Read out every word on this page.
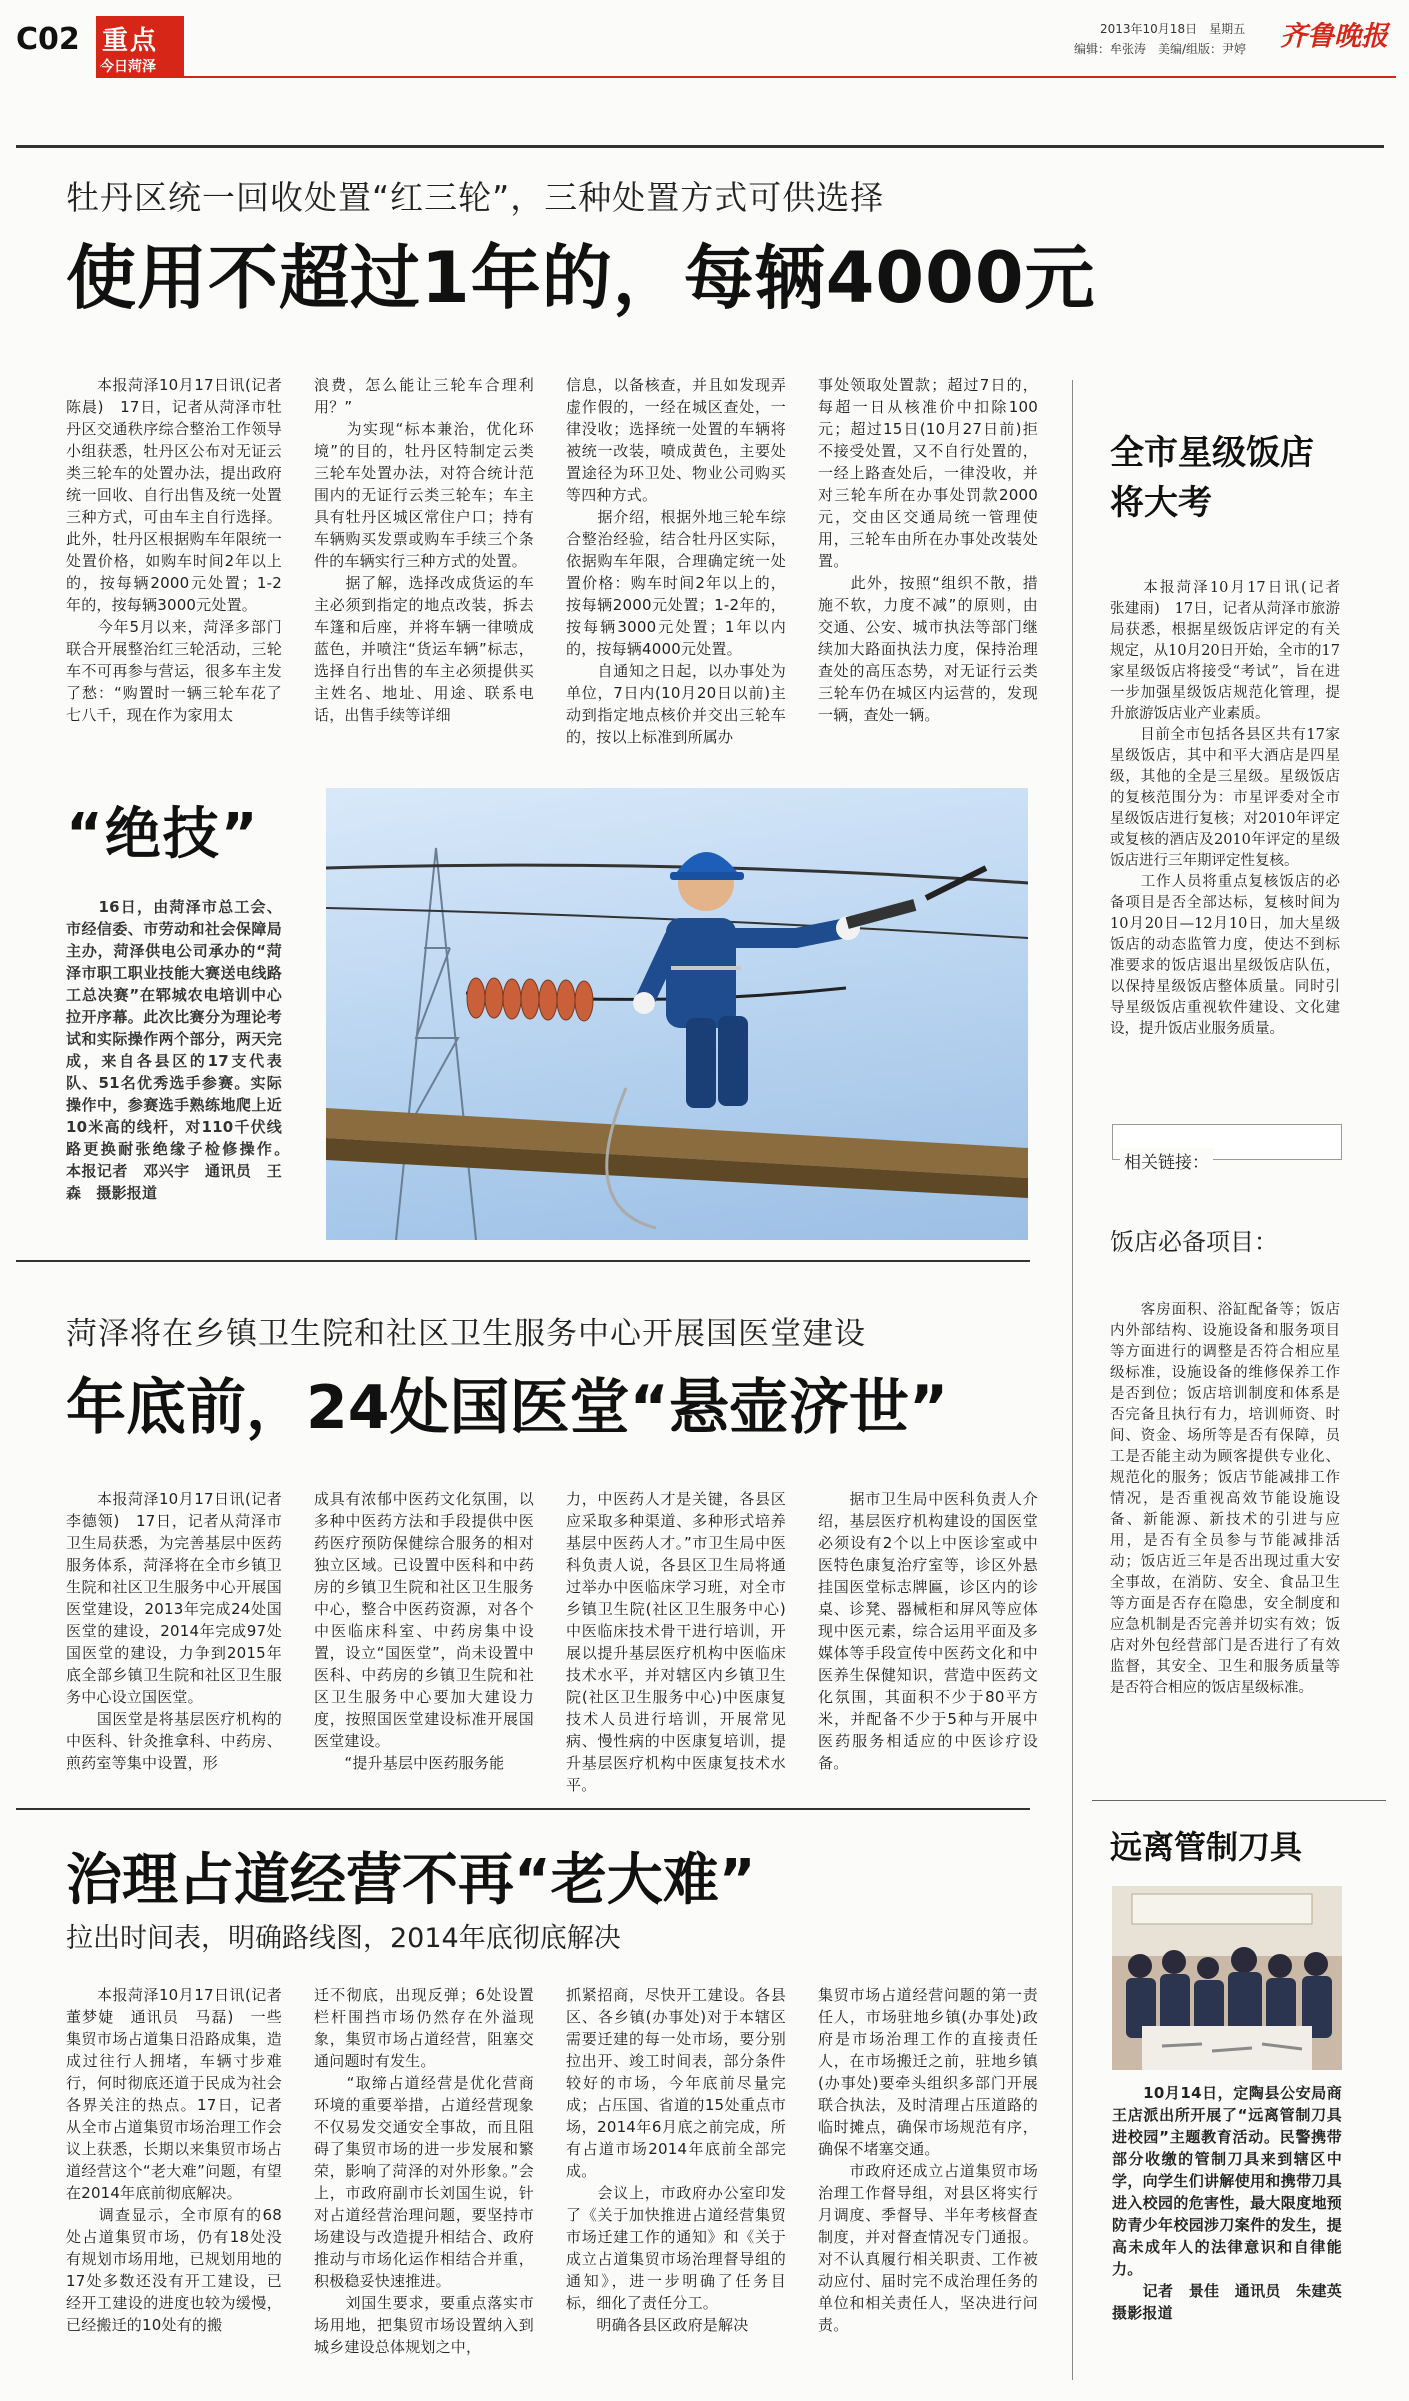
C02 重点
今日菏泽
2013年10月18日　星期五
编辑：牟张涛　美编/组版：尹婷 齐鲁晚报
牡丹区统一回收处置“红三轮”，三种处置方式可供选择
使用不超过1年的，每辆4000元
　　本报菏泽10月17日讯(记者　陈晨)　17日，记者从菏泽市牡丹区交通秩序综合整治工作领导小组获悉，牡丹区公布对无证云类三轮车的处置办法，提出政府统一回收、自行出售及统一处置三种方式，可由车主自行选择。此外，牡丹区根据购车年限统一处置价格，如购车时间2年以上的，按每辆2000元处置；1-2年的，按每辆3000元处置。
　　今年5月以来，菏泽多部门联合开展整治红三轮活动，三轮车不可再参与营运，很多车主发了愁：“购置时一辆三轮车花了七八千，现在作为家用太
浪费，怎么能让三轮车合理利用？”
　　为实现“标本兼治，优化环境”的目的，牡丹区特制定云类三轮车处置办法，对符合统计范围内的无证行云类三轮车；车主具有牡丹区城区常住户口；持有车辆购买发票或购车手续三个条件的车辆实行三种方式的处置。
　　据了解，选择改成货运的车主必须到指定的地点改装，拆去车篷和后座，并将车辆一律喷成蓝色，并喷注“货运车辆”标志，选择自行出售的车主必须提供买主姓名、地址、用途、联系电话，出售手续等详细
信息，以备核查，并且如发现弄虚作假的，一经在城区查处，一律没收；选择统一处置的车辆将被统一改装，喷成黄色，主要处置途径为环卫处、物业公司购买等四种方式。
　　据介绍，根据外地三轮车综合整治经验，结合牡丹区实际，依据购车年限，合理确定统一处置价格：购车时间2年以上的，按每辆2000元处置；1-2年的，按每辆3000元处置；1年以内的，按每辆4000元处置。
　　自通知之日起，以办事处为单位，7日内(10月20日以前)主动到指定地点核价并交出三轮车的，按以上标准到所属办
事处领取处置款；超过7日的，每超一日从核准价中扣除100元；超过15日(10月27日前)拒不接受处置，又不自行处置的，一经上路查处后，一律没收，并对三轮车所在办事处罚款2000元，交由区交通局统一管理使用，三轮车由所在办事处改装处置。
　　此外，按照“组织不散，措施不软，力度不减”的原则，由交通、公安、城市执法等部门继续加大路面执法力度，保持治理查处的高压态势，对无证行云类三轮车仍在城区内运营的，发现一辆，查处一辆。
“绝技”
　　16日，由菏泽市总工会、市经信委、市劳动和社会保障局主办，菏泽供电公司承办的“菏泽市职工职业技能大赛送电线路工总决赛”在郓城农电培训中心拉开序幕。此次比赛分为理论考试和实际操作两个部分，两天完成，来自各县区的17支代表队、51名优秀选手参赛。实际操作中，参赛选手熟练地爬上近10米高的线杆，对110千伏线路更换耐张绝缘子检修操作。　本报记者　邓兴宇　通讯员　王森　摄影报道
菏泽将在乡镇卫生院和社区卫生服务中心开展国医堂建设
年底前，24处国医堂“悬壶济世”
　　本报菏泽10月17日讯(记者　李德领)　17日，记者从菏泽市卫生局获悉，为完善基层中医药服务体系，菏泽将在全市乡镇卫生院和社区卫生服务中心开展国医堂建设，2013年完成24处国医堂的建设，2014年完成97处国医堂的建设，力争到2015年底全部乡镇卫生院和社区卫生服务中心设立国医堂。
　　国医堂是将基层医疗机构的中医科、针灸推拿科、中药房、煎药室等集中设置，形
成具有浓郁中医药文化氛围，以多种中医药方法和手段提供中医药医疗预防保健综合服务的相对独立区域。已设置中医科和中药房的乡镇卫生院和社区卫生服务中心，整合中医药资源，对各个中医临床科室、中药房集中设置，设立“国医堂”，尚未设置中医科、中药房的乡镇卫生院和社区卫生服务中心要加大建设力度，按照国医堂建设标准开展国医堂建设。
　　“提升基层中医药服务能
力，中医药人才是关键，各县区应采取多种渠道、多种形式培养基层中医药人才。”市卫生局中医科负责人说，各县区卫生局将通过举办中医临床学习班，对全市乡镇卫生院(社区卫生服务中心)中医临床技术骨干进行培训，开展以提升基层医疗机构中医临床技术水平，并对辖区内乡镇卫生院(社区卫生服务中心)中医康复技术人员进行培训，开展常见病、慢性病的中医康复培训，提升基层医疗机构中医康复技术水平。
　　据市卫生局中医科负责人介绍，基层医疗机构建设的国医堂必须设有2个以上中医诊室或中医特色康复治疗室等，诊区外悬挂国医堂标志牌匾，诊区内的诊桌、诊凳、器械柜和屏风等应体现中医元素，综合运用平面及多媒体等手段宣传中医药文化和中医养生保健知识，营造中医药文化氛围，其面积不少于80平方米，并配备不少于5种与开展中医药服务相适应的中医诊疗设备。
治理占道经营不再“老大难”
拉出时间表，明确路线图，2014年底彻底解决
　　本报菏泽10月17日讯(记者　董梦婕　通讯员　马磊)　一些集贸市场占道集日沿路成集，造成过往行人拥堵，车辆寸步难行，何时彻底还道于民成为社会各界关注的热点。17日，记者从全市占道集贸市场治理工作会议上获悉，长期以来集贸市场占道经营这个“老大难”问题，有望在2014年底前彻底解决。
　　调查显示，全市原有的68处占道集贸市场，仍有18处没有规划市场用地，已规划用地的17处多数还没有开工建设，已经开工建设的进度也较为缓慢，已经搬迁的10处有的搬
迁不彻底，出现反弹；6处设置栏杆围挡市场仍然存在外溢现象，集贸市场占道经营，阻塞交通问题时有发生。
　　“取缔占道经营是优化营商环境的重要举措，占道经营现象不仅易发交通安全事故，而且阻碍了集贸市场的进一步发展和繁荣，影响了菏泽的对外形象。”会上，市政府副市长刘国生说，针对占道经营治理问题，要坚持市场建设与改造提升相结合、政府推动与市场化运作相结合并重，积极稳妥快速推进。
　　刘国生要求，要重点落实市场用地，把集贸市场设置纳入到城乡建设总体规划之中，
抓紧招商，尽快开工建设。各县区、各乡镇(办事处)对于本辖区需要迁建的每一处市场，要分别拉出开、竣工时间表，部分条件较好的市场，今年底前尽量完成；占压国、省道的15处重点市场，2014年6月底之前完成，所有占道市场2014年底前全部完成。
　　会议上，市政府办公室印发了《关于加快推进占道经营集贸市场迁建工作的通知》和《关于成立占道集贸市场治理督导组的通知》，进一步明确了任务目标，细化了责任分工。
　　明确各县区政府是解决
集贸市场占道经营问题的第一责任人，市场驻地乡镇(办事处)政府是市场治理工作的直接责任人，在市场搬迁之前，驻地乡镇(办事处)要牵头组织多部门开展联合执法，及时清理占压道路的临时摊点，确保市场规范有序，确保不堵塞交通。
　　市政府还成立占道集贸市场治理工作督导组，对县区将实行月调度、季督导、半年考核督查制度，并对督查情况专门通报。对不认真履行相关职责、工作被动应付、届时完不成治理任务的单位和相关责任人，坚决进行问责。
全市星级饭店将大考
　　本报菏泽10月17日讯(记者　张建雨)　17日，记者从菏泽市旅游局获悉，根据星级饭店评定的有关规定，从10月20日开始，全市的17家星级饭店将接受“考试”，旨在进一步加强星级饭店规范化管理，提升旅游饭店业产业素质。
　　目前全市包括各县区共有17家星级饭店，其中和平大酒店是四星级，其他的全是三星级。星级饭店的复核范围分为：市星评委对全市星级饭店进行复核；对2010年评定或复核的酒店及2010年评定的星级饭店进行三年期评定性复核。
　　工作人员将重点复核饭店的必备项目是否全部达标，复核时间为10月20日—12月10日，加大星级饭店的动态监管力度，使达不到标准要求的饭店退出星级饭店队伍，以保持星级饭店整体质量。同时引导星级饭店重视软件建设、文化建设，提升饭店业服务质量。
相关链接：
饭店必备项目：
　　客房面积、浴缸配备等；饭店内外部结构、设施设备和服务项目等方面进行的调整是否符合相应星级标准，设施设备的维修保养工作是否到位；饭店培训制度和体系是否完备且执行有力，培训师资、时间、资金、场所等是否有保障，员工是否能主动为顾客提供专业化、规范化的服务；饭店节能减排工作情况，是否重视高效节能设施设备、新能源、新技术的引进与应用，是否有全员参与节能减排活动；饭店近三年是否出现过重大安全事故，在消防、安全、食品卫生等方面是否存在隐患，安全制度和应急机制是否完善并切实有效；饭店对外包经营部门是否进行了有效监督，其安全、卫生和服务质量等是否符合相应的饭店星级标准。
远离管制刀具
　　10月14日，定陶县公安局商王店派出所开展了“远离管制刀具进校园”主题教育活动。民警携带部分收缴的管制刀具来到辖区中学，向学生们讲解使用和携带刀具进入校园的危害性，最大限度地预防青少年校园涉刀案件的发生，提高未成年人的法律意识和自律能力。
　　记者　景佳　通讯员　朱建英　摄影报道
